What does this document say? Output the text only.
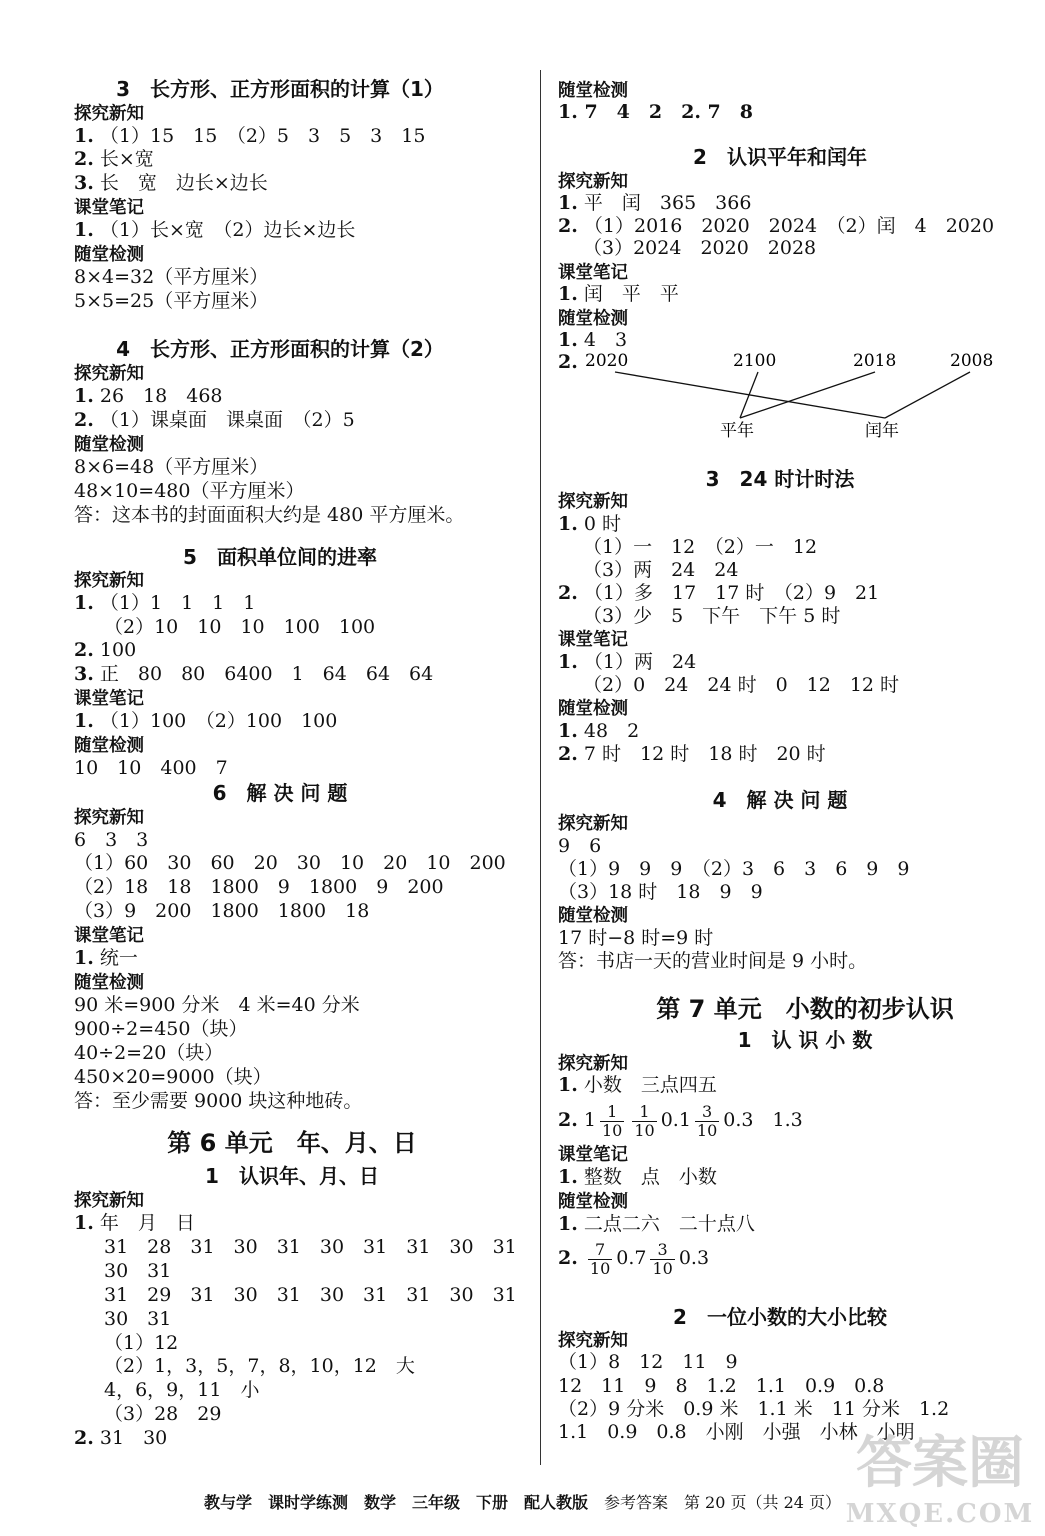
3　长方形、正方形面积的计算（1）
探究新知
1. （1）15　15　（2）5　3　5　3　15
2. 长×宽
3. 长　宽　边长×边长
课堂笔记
1. （1）长×宽　（2）边长×边长
随堂检测
8×4=32（平方厘米）
5×5=25（平方厘米）
4　长方形、正方形面积的计算（2）
探究新知
1. 26　18　468
2. （1）课桌面　课桌面　（2）5
随堂检测
8×6=48（平方厘米）
48×10=480（平方厘米）
答：这本书的封面面积大约是 480 平方厘米。
5　面积单位间的进率
探究新知
1. （1）1　1　1　1
（2）10　10　10　100　100
2. 100
3. 正　80　80　6400　1　64　64　64
课堂笔记
1. （1）100　（2）100　100
随堂检测
10　10　400　7
6　解 决 问 题
探究新知
6　3　3
（1）60　30　60　20　30　10　20　10　200
（2）18　18　1800　9　1800　9　200
（3）9　200　1800　1800　18
课堂笔记
1. 统一
随堂检测
90 米=900 分米　4 米=40 分米
900÷2=450（块）
40÷2=20（块）
450×20=9000（块）
答：至少需要 9000 块这种地砖。
第 6 单元　年、月、日
1　认识年、月、日
探究新知
1. 年　月　日
31　28　31　30　31　30　31　31　30　31
30　31
31　29　31　30　31　30　31　31　30　31
30　31
（1）12
（2）1，3，5，7，8，10，12　大
4，6，9，11　小
（3）28　29
2. 31　30
随堂检测
1. 7　4　2　2. 7　8
2　认识平年和闰年
探究新知
1. 平　闰　365　366
2. （1）2016　2020　2024　（2）闰　4　2020
（3）2024　2020　2028
课堂笔记
1. 闰　平　平
随堂检测
1. 4　3
2. 2020	2100	2018	2008
平年	闰年
3　24 时计时法
探究新知
1. 0 时
（1）一　12　（2）一　12
（3）两　24　24
2. （1）多　17　17 时　（2）9　21
（3）少　5　下午　下午 5 时
课堂笔记
1. （1）两　24
（2）0　24　24 时　0　12　12 时
随堂检测
1. 48　2
2. 7 时　12 时　18 时　20 时
4　解 决 问 题
探究新知
9　6
（1）9　9　9　（2）3　6　3　6　9　9
（3）18 时　18　9　9
随堂检测
17 时−8 时=9 时
答：书店一天的营业时间是 9 小时。
第 7 单元　小数的初步认识
1　认 识 小 数
探究新知
1. 小数　三点四五
2. $1 \frac{1}{10} \frac{1}{10} 0.1 \frac{3}{10} 0.3$　1.3
课堂笔记
1. 整数　点　小数
随堂检测
1. 二点二六　二十点八
2. $\frac{7}{10} 0.7 \frac{3}{10} 0.3$
2　一位小数的大小比较
探究新知
（1）8　12　11　9
12　11　9　8　1.2　1.1　0.9　0.8
（2）9 分米　0.9 米　1.1 米　11 分米　1.2
1.1　0.9　0.8　小刚　小强　小林　小明
答案圈
MXQE.COM
教与学　课时学练测　数学　三年级　下册　配人教版　 参考答案　第 20 页（共 24 页）
